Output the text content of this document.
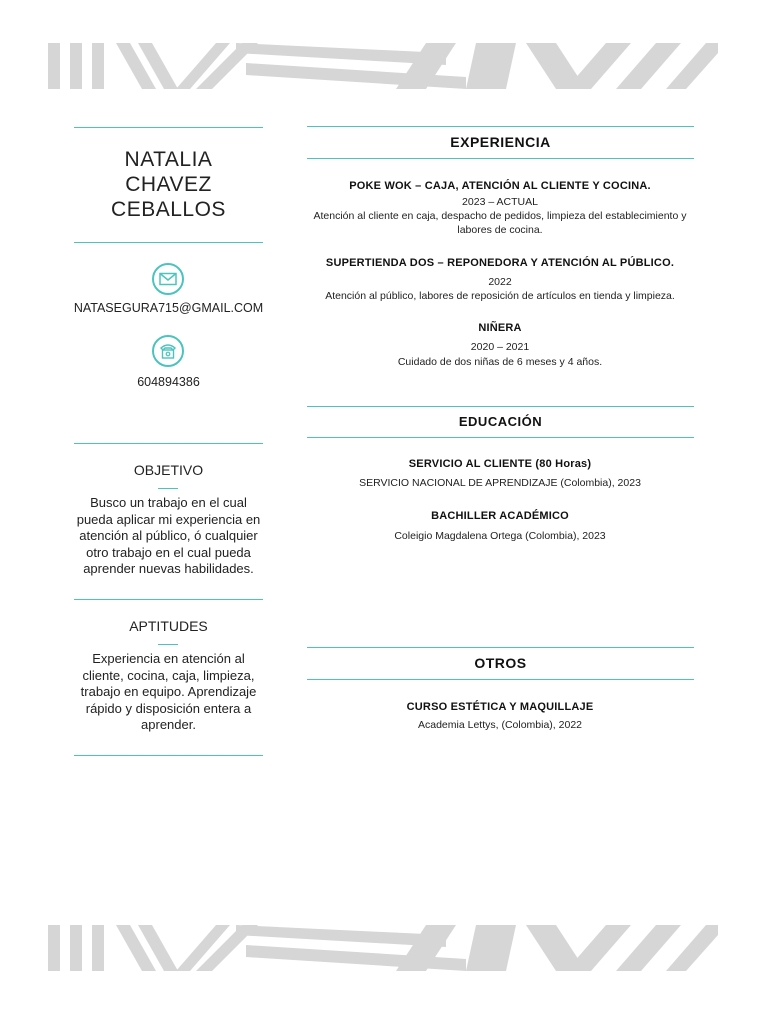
NATALIA
CHAVEZ
CEBALLOS
NATASEGURA715@GMAIL.COM
604894386
OBJETIVO
Busco un trabajo en el cual pueda aplicar mi experiencia en atención al público, ó cualquier otro trabajo en el cual pueda aprender nuevas habilidades.
APTITUDES
Experiencia en atención al cliente, cocina, caja, limpieza, trabajo en equipo. Aprendizaje rápido y disposición entera a aprender.
EXPERIENCIA
POKE WOK – CAJA, ATENCIÓN AL CLIENTE Y COCINA.
2023 – ACTUAL
Atención al cliente en caja, despacho de pedidos, limpieza del establecimiento y
labores de cocina.
SUPERTIENDA DOS – REPONEDORA Y ATENCIÓN AL PÚBLICO.
2022
Atención al público, labores de reposición de artículos en tienda y limpieza.
NIÑERA
2020 – 2021
Cuidado de dos niñas de 6 meses y 4 años.
EDUCACIÓN
SERVICIO AL CLIENTE (80 Horas)
SERVICIO NACIONAL DE APRENDIZAJE (Colombia), 2023
BACHILLER ACADÉMICO
Coleigio Magdalena Ortega (Colombia), 2023
OTROS
CURSO ESTÉTICA Y MAQUILLAJE
Academia Lettys, (Colombia), 2022
